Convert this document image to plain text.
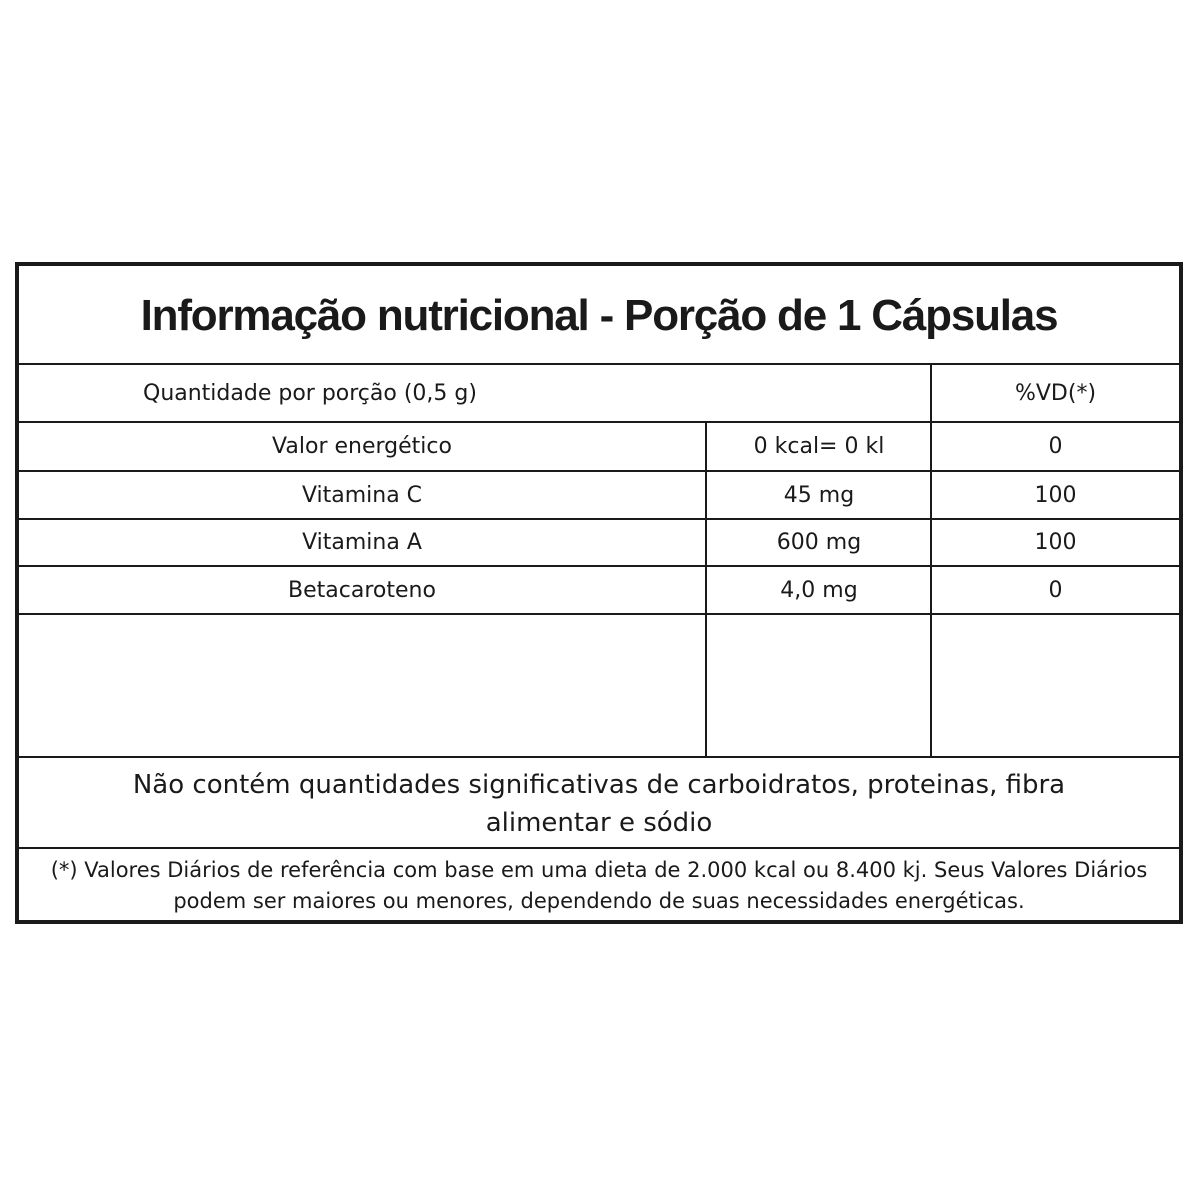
Informação nutricional - Porção de 1 Cápsulas
Quantidade por porção (0,5 g)	%VD(*)
Valor energético	0 kcal= 0 kl	0
Vitamina C	45 mg	100
Vitamina A	600 mg	100
Betacaroteno	4,0 mg	0
Não contém quantidades significativas de carboidratos, proteinas, fibra alimentar e sódio
(*) Valores Diários de referência com base em uma dieta de 2.000 kcal ou 8.400 kj. Seus Valores Diários podem ser maiores ou menores, dependendo de suas necessidades energéticas.
